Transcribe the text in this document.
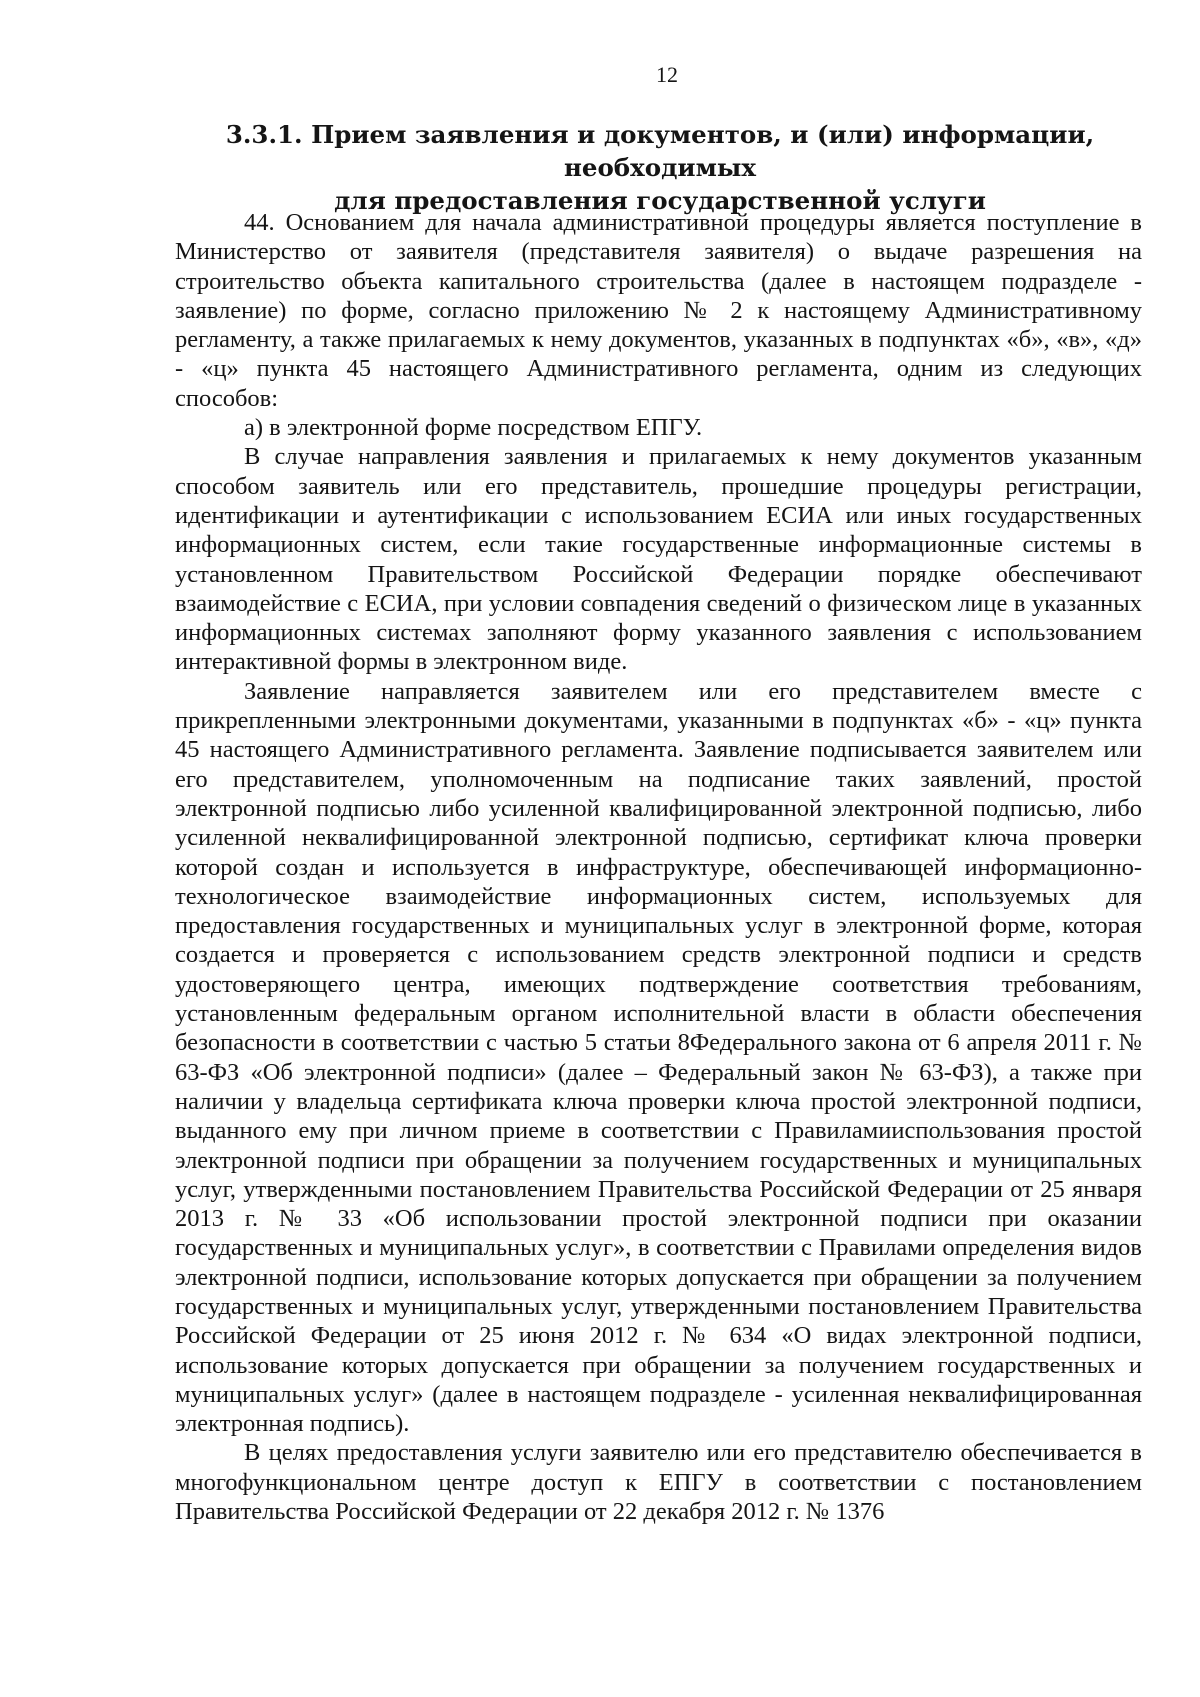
12
3.3.1. Прием заявления и документов, и (или) информации, необходимых
для предоставления государственной услуги

44. Основанием для начала административной процедуры является поступление в Министерство от заявителя (представителя заявителя) о выдаче разрешения на строительство объекта капитального строительства (далее в настоящем подразделе - заявление) по форме, согласно приложению № 2 к настоящему Административному регламенту, а также прилагаемых к нему документов, указанных в подпунктах «б», «в», «д» - «ц» пункта 45 настоящего Административного регламента, одним из следующих способов:

а) в электронной форме посредством ЕПГУ.

В случае направления заявления и прилагаемых к нему документов указанным способом заявитель или его представитель, прошедшие процедуры регистрации, идентификации и аутентификации с использованием ЕСИА или иных государственных информационных систем, если такие государственные информационные системы в установленном Правительством Российской Федерации порядке обеспечивают взаимодействие с ЕСИА, при условии совпадения сведений о физическом лице в указанных информационных системах заполняют форму указанного заявления с использованием интерактивной формы в электронном виде.

Заявление направляется заявителем или его представителем вместе с прикрепленными электронными документами, указанными в подпунктах «б» - «ц» пункта 45 настоящего Административного регламента. Заявление подписывается заявителем или его представителем, уполномоченным на подписание таких заявлений, простой электронной подписью либо усиленной квалифицированной электронной подписью, либо усиленной неквалифицированной электронной подписью, сертификат ключа проверки которой создан и используется в инфраструктуре, обеспечивающей информационно-технологическое взаимодействие информационных систем, используемых для предоставления государственных и муниципальных услуг в электронной форме, которая создается и проверяется с использованием средств электронной подписи и средств удостоверяющего центра, имеющих подтверждение соответствия требованиям, установленным федеральным органом исполнительной власти в области обеспечения безопасности в соответствии с частью 5 статьи 8Федерального закона от 6 апреля 2011 г. № 63-ФЗ «Об электронной подписи» (далее – Федеральный закон № 63-ФЗ), а также при наличии у владельца сертификата ключа проверки ключа простой электронной подписи, выданного ему при личном приеме в соответствии с Правиламииспользования простой электронной подписи при обращении за получением государственных и муниципальных услуг, утвержденными постановлением Правительства Российской Федерации от 25 января 2013 г. № 33 «Об использовании простой электронной подписи при оказании государственных и муниципальных услуг», в соответствии с Правилами определения видов электронной подписи, использование которых допускается при обращении за получением государственных и муниципальных услуг, утвержденными постановлением Правительства Российской Федерации от 25 июня 2012 г. № 634 «О видах электронной подписи, использование которых допускается при обращении за получением государственных и муниципальных услуг» (далее в настоящем подразделе - усиленная неквалифицированная электронная подпись).

В целях предоставления услуги заявителю или его представителю обеспечивается в многофункциональном центре доступ к ЕПГУ в соответствии с постановлением Правительства Российской Федерации от 22 декабря 2012 г. № 1376
